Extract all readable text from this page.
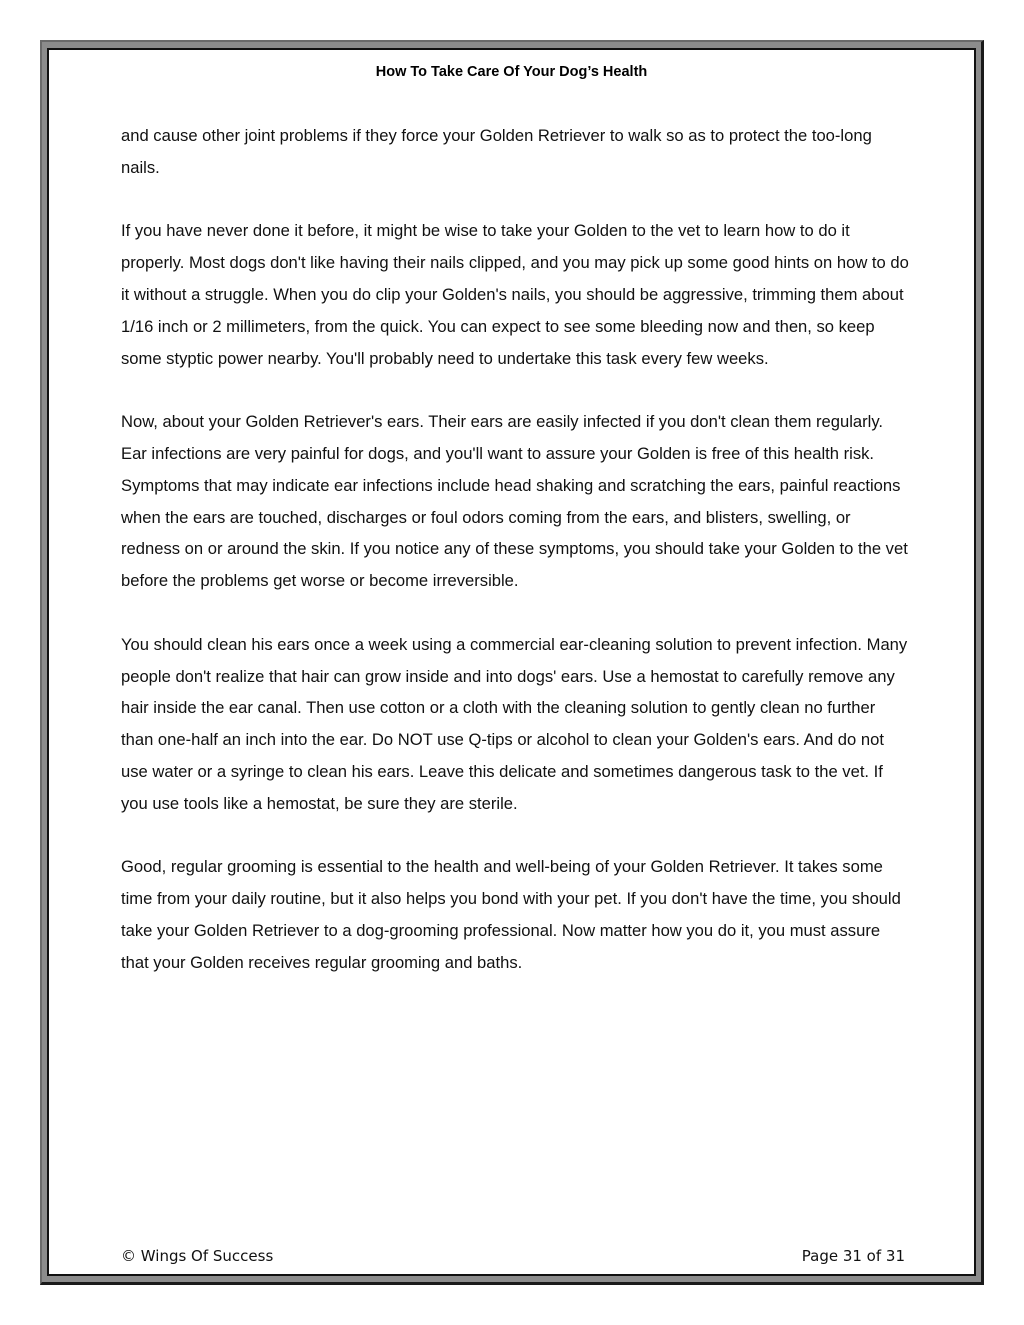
How To Take Care Of Your Dog’s Health

and cause other joint problems if they force your Golden Retriever to walk so as to protect the too-long nails.

If you have never done it before, it might be wise to take your Golden to the vet to learn how to do it properly. Most dogs don't like having their nails clipped, and you may pick up some good hints on how to do it without a struggle. When you do clip your Golden's nails, you should be aggressive, trimming them about 1/16 inch or 2 millimeters, from the quick. You can expect to see some bleeding now and then, so keep some styptic power nearby. You'll probably need to undertake this task every few weeks.

Now, about your Golden Retriever's ears. Their ears are easily infected if you don't clean them regularly. Ear infections are very painful for dogs, and you'll want to assure your Golden is free of this health risk. Symptoms that may indicate ear infections include head shaking and scratching the ears, painful reactions when the ears are touched, discharges or foul odors coming from the ears, and blisters, swelling, or redness on or around the skin. If you notice any of these symptoms, you should take your Golden to the vet before the problems get worse or become irreversible.

You should clean his ears once a week using a commercial ear-cleaning solution to prevent infection. Many people don't realize that hair can grow inside and into dogs' ears. Use a hemostat to carefully remove any hair inside the ear canal. Then use cotton or a cloth with the cleaning solution to gently clean no further than one-half an inch into the ear. Do NOT use Q-tips or alcohol to clean your Golden's ears. And do not use water or a syringe to clean his ears. Leave this delicate and sometimes dangerous task to the vet. If you use tools like a hemostat, be sure they are sterile.

Good, regular grooming is essential to the health and well-being of your Golden Retriever. It takes some time from your daily routine, but it also helps you bond with your pet. If you don't have the time, you should take your Golden Retriever to a dog-grooming professional. Now matter how you do it, you must assure that your Golden receives regular grooming and baths.

© Wings Of Success	Page 31 of 31
